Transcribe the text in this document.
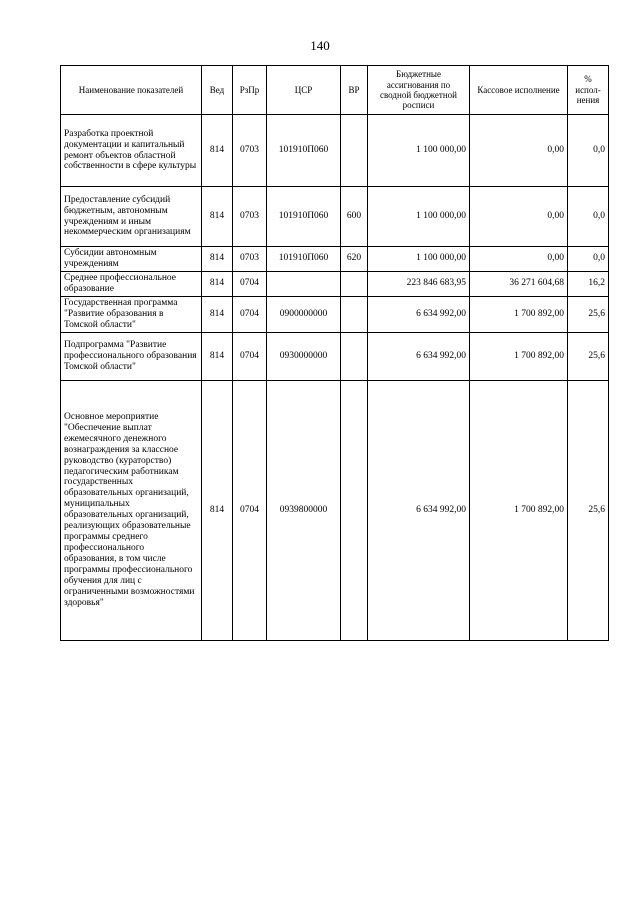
140
Наименование показателей	Вед	РзПр	ЦСР	ВР	Бюджетные ассигнования по сводной бюджетной росписи	Кассовое исполнение	% испол-нения
Разработка проектной документации и капитальный ремонт объектов областной собственности в сфере культуры	814	0703	101910П060		1 100 000,00	0,00	0,0
Предоставление субсидий бюджетным, автономным учреждениям и иным некоммерческим организациям	814	0703	101910П060	600	1 100 000,00	0,00	0,0
Субсидии автономным учреждениям	814	0703	101910П060	620	1 100 000,00	0,00	0,0
Среднее профессиональное образование	814	0704			223 846 683,95	36 271 604,68	16,2
Государственная программа "Развитие образования в Томской области"	814	0704	0900000000		6 634 992,00	1 700 892,00	25,6
Подпрограмма "Развитие профессионального образования Томской области"	814	0704	0930000000		6 634 992,00	1 700 892,00	25,6
Основное мероприятие "Обеспечение выплат ежемесячного денежного вознаграждения за классное руководство (кураторство) педагогическим работникам государственных образовательных организаций, муниципальных образовательных организаций, реализующих образовательные программы среднего профессионального образования, в том числе программы профессионального обучения для лиц с ограниченными возможностями здоровья"	814	0704	0939800000		6 634 992,00	1 700 892,00	25,6
